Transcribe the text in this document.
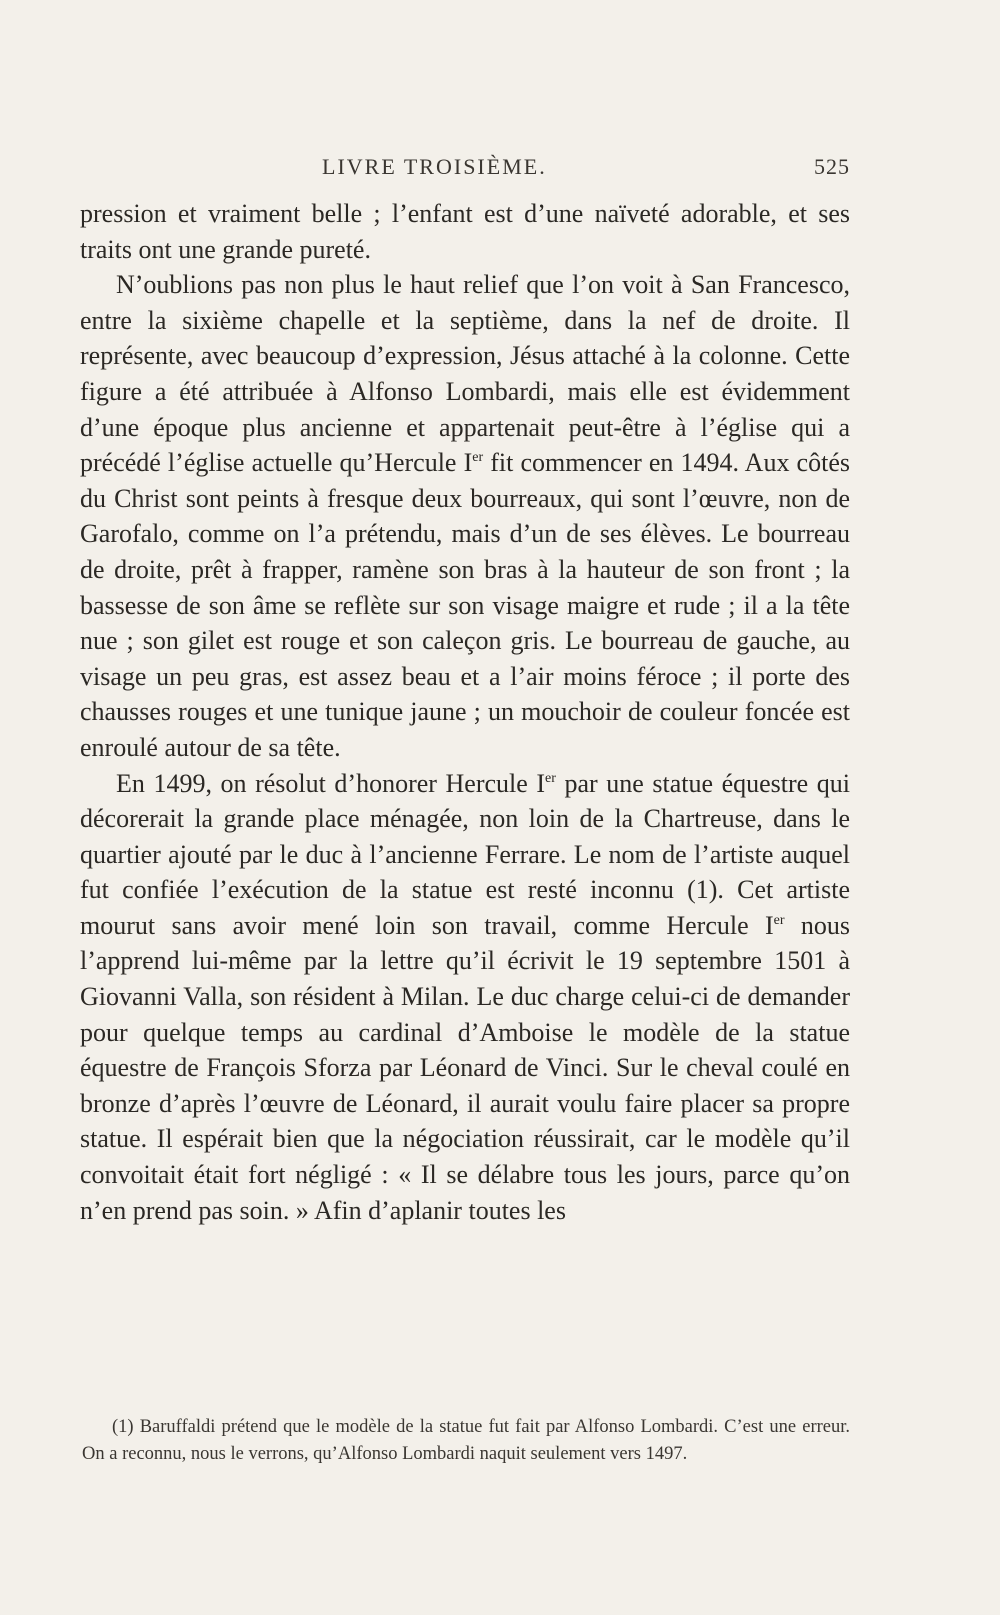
LIVRE TROISIÈME.	525

pression et vraiment belle ; l’enfant est d’une naïveté adorable, et ses traits ont une grande pureté.

N’oublions pas non plus le haut relief que l’on voit à San Francesco, entre la sixième chapelle et la septième, dans la nef de droite. Il représente, avec beaucoup d’expression, Jésus attaché à la colonne. Cette figure a été attribuée à Alfonso Lombardi, mais elle est évidemment d’une époque plus ancienne et appartenait peut-être à l’église qui a précédé l’église actuelle qu’Hercule Ier fit commencer en 1494. Aux côtés du Christ sont peints à fresque deux bourreaux, qui sont l’œuvre, non de Garofalo, comme on l’a prétendu, mais d’un de ses élèves. Le bourreau de droite, prêt à frapper, ramène son bras à la hauteur de son front ; la bassesse de son âme se reflète sur son visage maigre et rude ; il a la tête nue ; son gilet est rouge et son caleçon gris. Le bourreau de gauche, au visage un peu gras, est assez beau et a l’air moins féroce ; il porte des chausses rouges et une tunique jaune ; un mouchoir de couleur foncée est enroulé autour de sa tête.

En 1499, on résolut d’honorer Hercule Ier par une statue équestre qui décorerait la grande place ménagée, non loin de la Chartreuse, dans le quartier ajouté par le duc à l’ancienne Ferrare. Le nom de l’artiste auquel fut confiée l’exécution de la statue est resté inconnu (1). Cet artiste mourut sans avoir mené loin son travail, comme Hercule Ier nous l’apprend lui-même par la lettre qu’il écrivit le 19 septembre 1501 à Giovanni Valla, son résident à Milan. Le duc charge celui-ci de demander pour quelque temps au cardinal d’Amboise le modèle de la statue équestre de François Sforza par Léonard de Vinci. Sur le cheval coulé en bronze d’après l’œuvre de Léonard, il aurait voulu faire placer sa propre statue. Il espérait bien que la négociation réussirait, car le modèle qu’il convoitait était fort négligé : « Il se délabre tous les jours, parce qu’on n’en prend pas soin. » Afin d’aplanir toutes les

(1) Baruffaldi prétend que le modèle de la statue fut fait par Alfonso Lombardi. C’est une erreur. On a reconnu, nous le verrons, qu’Alfonso Lombardi naquit seulement vers 1497.
